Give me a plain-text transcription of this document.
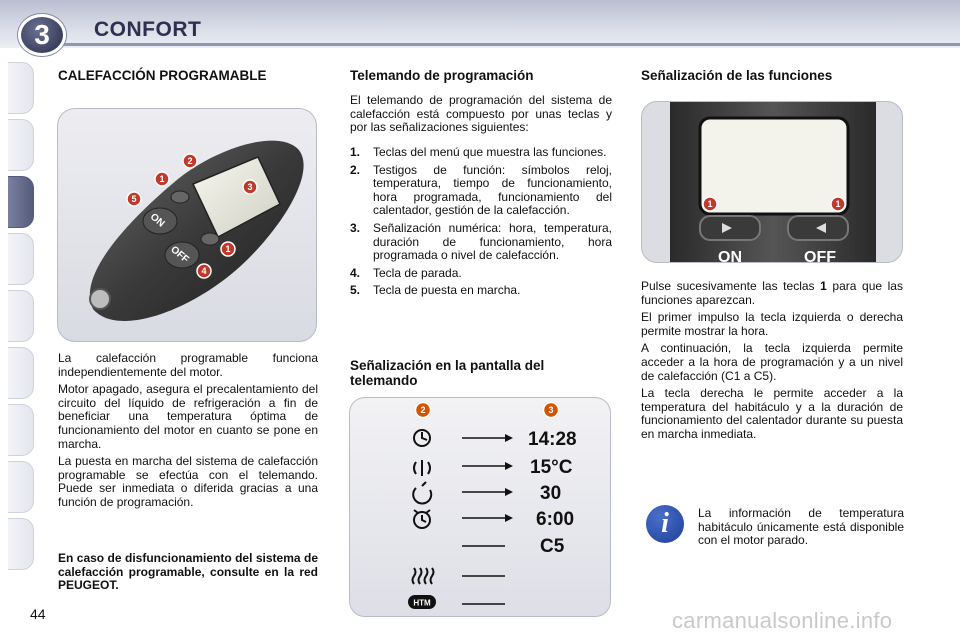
3	CONFORT
CALEFACCIÓN PROGRAMABLE
ON
OFF
1
2
3
4
5
1

La calefacción programable funciona independientemente del motor.

Motor apagado, asegura el precalentamiento del circuito del líquido de refrigeración a fin de beneficiar una temperatura óptima de funcionamiento del motor en cuanto se pone en marcha.

La puesta en marcha del sistema de calefacción programable se efectúa con el telemando. Puede ser inmediata o diferida gracias a una función de programación.

En caso de disfuncionamiento del sistema de calefacción programable, consulte en la red PEUGEOT.
Telemando de programación

El telemando de programación del sistema de calefacción está compuesto por unas teclas y por las señalizaciones siguientes:

1.	Teclas del menú que muestra las funciones.
2.	Testigos de función: símbolos reloj, temperatura, tiempo de funcionamiento, hora programada, funcionamiento del calentador, gestión de la calefacción.
3.	Señalización numérica: hora, temperatura, duración de funcionamiento, hora programada o nivel de calefacción.
4.	Tecla de parada.
5.	Tecla de puesta en marcha.
Señalización en la pantalla del telemando
2	3
14:28
15°C
30
6:00
C5
HTM
Señalización de las funciones
ON	OFF
1	1

Pulse sucesivamente las teclas 1 para que las funciones aparezcan.

El primer impulso la tecla izquierda o derecha permite mostrar la hora.

A continuación, la tecla izquierda permite acceder a la hora de programación y a un nivel de calefacción (C1 a C5).

La tecla derecha le permite acceder a la temperatura del habitáculo y a la duración de funcionamiento del calentador durante su puesta en marcha inmediata.

i	La información de temperatura habitáculo únicamente está disponible con el motor parado.
44	carmanualsonline.info
